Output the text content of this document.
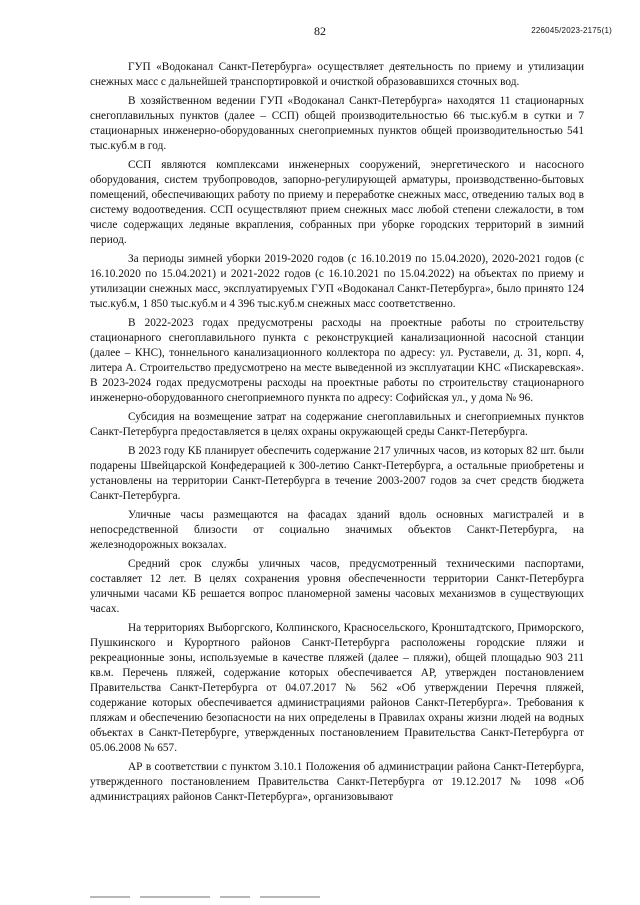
82	226045/2023-2175(1)

ГУП «Водоканал Санкт-Петербурга» осуществляет деятельность по приему и утилизации снежных масс с дальнейшей транспортировкой и очисткой образовавшихся сточных вод.

В хозяйственном ведении ГУП «Водоканал Санкт-Петербурга» находятся 11 стационарных снегоплавильных пунктов (далее – ССП) общей производительностью 66 тыс.куб.м в сутки и 7 стационарных инженерно-оборудованных снегоприемных пунктов общей производительностью 541 тыс.куб.м в год.

ССП являются комплексами инженерных сооружений, энергетического и насосного оборудования, систем трубопроводов, запорно-регулирующей арматуры, производственно-бытовых помещений, обеспечивающих работу по приему и переработке снежных масс, отведению талых вод в систему водоотведения. ССП осуществляют прием снежных масс любой степени слежалости, в том числе содержащих ледяные вкрапления, собранных при уборке городских территорий в зимний период.

За периоды зимней уборки 2019-2020 годов (с 16.10.2019 по 15.04.2020), 2020-2021 годов (с 16.10.2020 по 15.04.2021) и 2021-2022 годов (с 16.10.2021 по 15.04.2022) на объектах по приему и утилизации снежных масс, эксплуатируемых ГУП «Водоканал Санкт-Петербурга», было принято 124 тыс.куб.м, 1 850 тыс.куб.м и 4 396 тыс.куб.м снежных масс соответственно.

В 2022-2023 годах предусмотрены расходы на проектные работы по строительству стационарного снегоплавильного пункта с реконструкцией канализационной насосной станции (далее – КНС), тоннельного канализационного коллектора по адресу: ул. Руставели, д. 31, корп. 4, литера А. Строительство предусмотрено на месте выведенной из эксплуатации КНС «Пискаревская». В 2023-2024 годах предусмотрены расходы на проектные работы по строительству стационарного инженерно-оборудованного снегоприемного пункта по адресу: Софийская ул., у дома № 96.

Субсидия на возмещение затрат на содержание снегоплавильных и снегоприемных пунктов Санкт-Петербурга предоставляется в целях охраны окружающей среды Санкт-Петербурга.

В 2023 году КБ планирует обеспечить содержание 217 уличных часов, из которых 82 шт. были подарены Швейцарской Конфедерацией к 300-летию Санкт-Петербурга, а остальные приобретены и установлены на территории Санкт-Петербурга в течение 2003-2007 годов за счет средств бюджета Санкт-Петербурга.

Уличные часы размещаются на фасадах зданий вдоль основных магистралей и в непосредственной близости от социально значимых объектов Санкт-Петербурга, на железнодорожных вокзалах.

Средний срок службы уличных часов, предусмотренный техническими паспортами, составляет 12 лет. В целях сохранения уровня обеспеченности территории Санкт-Петербурга уличными часами КБ решается вопрос планомерной замены часовых механизмов в существующих часах.

На территориях Выборгского, Колпинского, Красносельского, Кронштадтского, Приморского, Пушкинского и Курортного районов Санкт-Петербурга расположены городские пляжи и рекреационные зоны, используемые в качестве пляжей (далее – пляжи), общей площадью 903 211 кв.м. Перечень пляжей, содержание которых обеспечивается АР, утвержден постановлением Правительства Санкт-Петербурга от 04.07.2017 № 562 «Об утверждении Перечня пляжей, содержание которых обеспечивается администрациями районов Санкт-Петербурга». Требования к пляжам и обеспечению безопасности на них определены в Правилах охраны жизни людей на водных объектах в Санкт-Петербурге, утвержденных постановлением Правительства Санкт-Петербурга от 05.06.2008 № 657.

АР в соответствии с пунктом 3.10.1 Положения об администрации района Санкт-Петербурга, утвержденного постановлением Правительства Санкт-Петербурга от 19.12.2017 № 1098 «Об администрациях районов Санкт-Петербурга», организовывают
